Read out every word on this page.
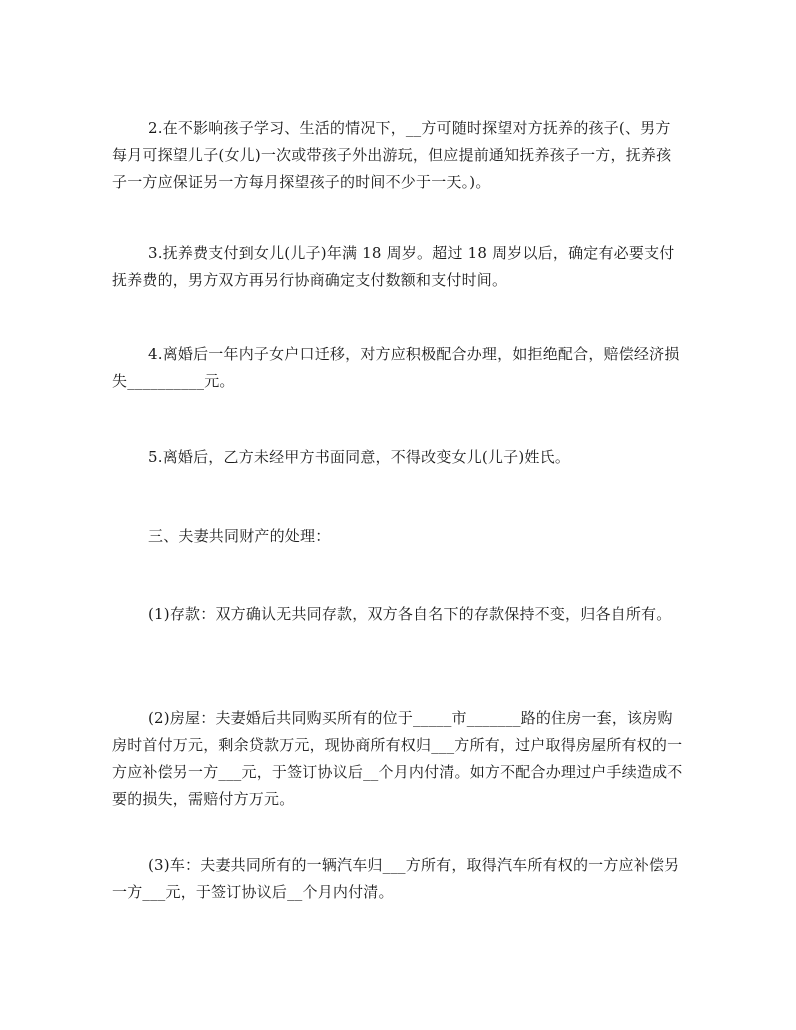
2.在不影响孩子学习、生活的情况下，__方可随时探望对方抚养的孩子(、男方每月可探望儿子(女儿)一次或带孩子外出游玩，但应提前通知抚养孩子一方，抚养孩子一方应保证另一方每月探望孩子的时间不少于一天。)。

3.抚养费支付到女儿(儿子)年满 18 周岁。超过 18 周岁以后，确定有必要支付抚养费的，男方双方再另行协商确定支付数额和支付时间。

4.离婚后一年内子女户口迁移，对方应积极配合办理，如拒绝配合，赔偿经济损失__________元。

5.离婚后，乙方未经甲方书面同意，不得改变女儿(儿子)姓氏。

三、夫妻共同财产的处理：

(1)存款：双方确认无共同存款，双方各自名下的存款保持不变，归各自所有。

(2)房屋：夫妻婚后共同购买所有的位于_____市_______路的住房一套，该房购房时首付万元，剩余贷款万元，现协商所有权归___方所有，过户取得房屋所有权的一方应补偿另一方___元，于签订协议后__个月内付清。如方不配合办理过户手续造成不要的损失，需赔付方万元。

(3)车：夫妻共同所有的一辆汽车归___方所有，取得汽车所有权的一方应补偿另一方___元，于签订协议后__个月内付清。
